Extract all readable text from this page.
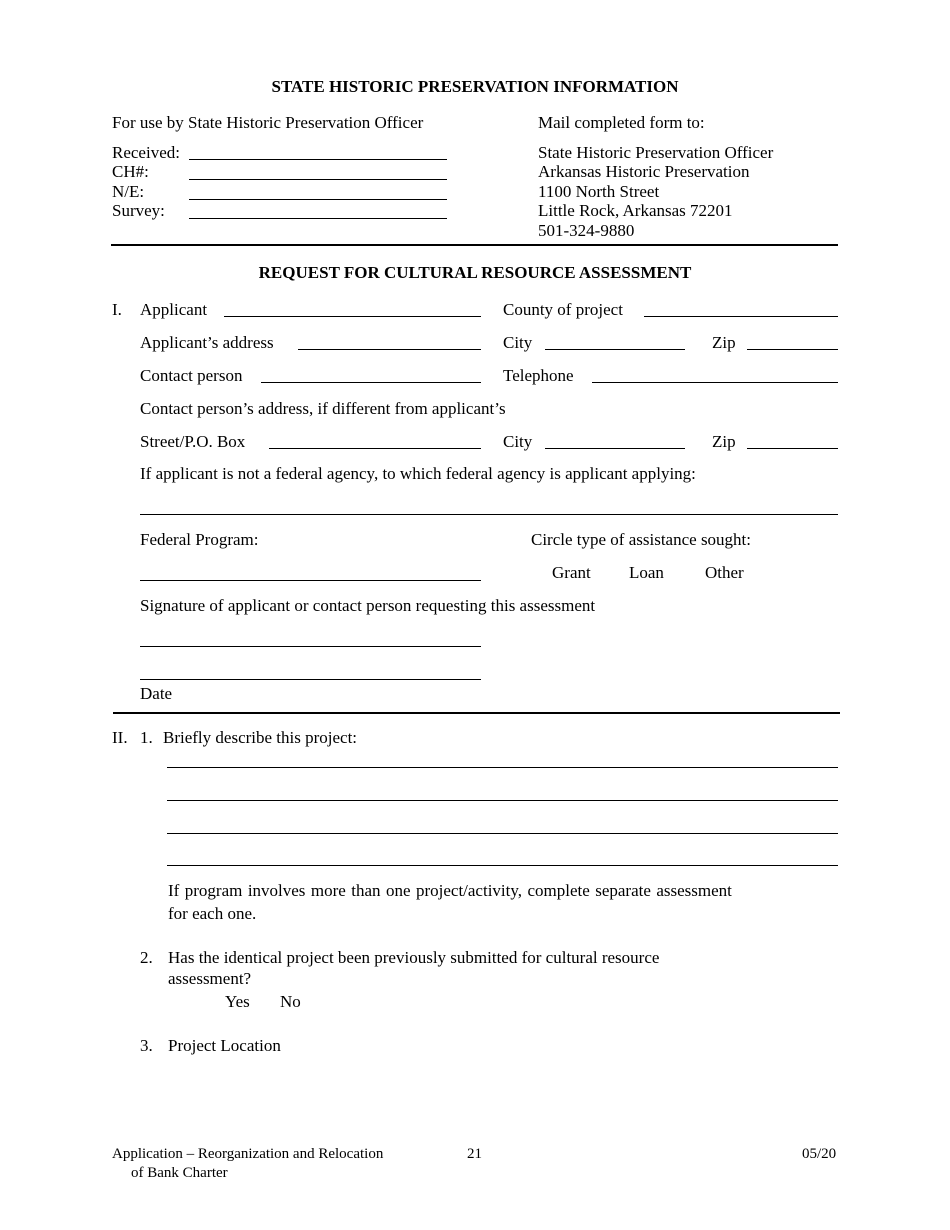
STATE HISTORIC PRESERVATION INFORMATION
For use by State Historic Preservation Officer	Mail completed form to:
Received:
CH#:
N/E:
Survey:
State Historic Preservation Officer
Arkansas Historic Preservation
1100 North Street
Little Rock, Arkansas 72201
501-324-9880
REQUEST FOR CULTURAL RESOURCE ASSESSMENT
I. Applicant	County of project
Applicant’s address	City	Zip
Contact person	Telephone
Contact person’s address, if different from applicant’s
Street/P.O. Box	City	Zip
If applicant is not a federal agency, to which federal agency is applicant applying:
Federal Program:	Circle type of assistance sought:
Grant Loan Other
Signature of applicant or contact person requesting this assessment
Date
II. 1. Briefly describe this project:
If program involves more than one project/activity, complete separate assessment
for each one.
2. Has the identical project been previously submitted for cultural resource
assessment?
Yes No
3. Project Location
Application – Reorganization and Relocation
of Bank Charter
21	05/20
